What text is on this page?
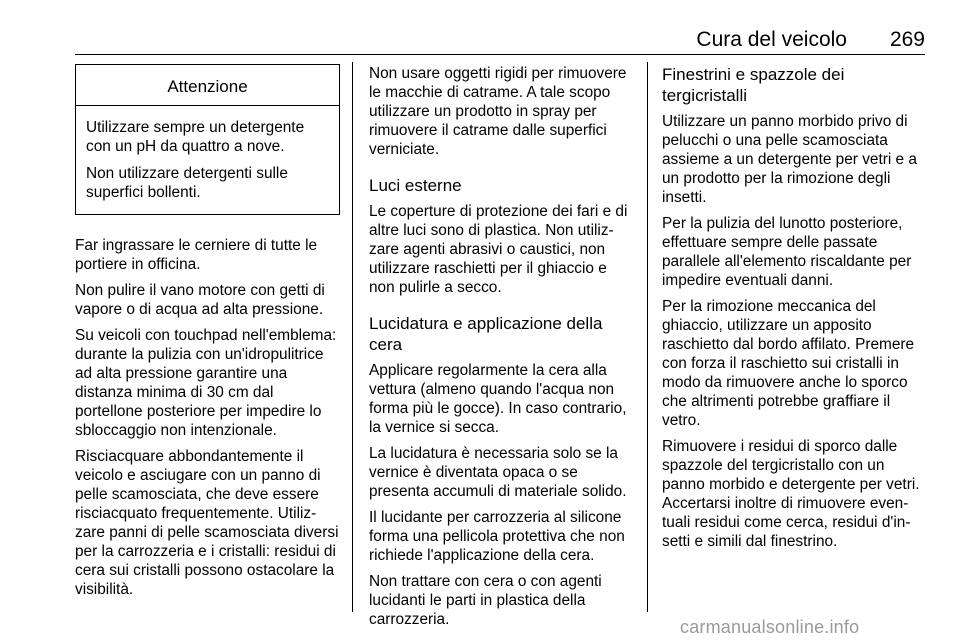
Cura del veicolo 269
Attenzione

Utilizzare sempre un detergente con un pH da quattro a nove.

Non utilizzare detergenti sulle superfici bollenti.

Far ingrassare le cerniere di tutte le portiere in officina.

Non pulire il vano motore con getti di vapore o di acqua ad alta pressione.

Su veicoli con touchpad nell'emblema: durante la pulizia con un'idropulitrice ad alta pressione garantire una distanza minima di 30 cm dal portellone posteriore per impedire lo sbloccaggio non intenzionale.

Risciacquare abbondantemente il veicolo e asciugare con un panno di pelle scamosciata, che deve essere risciacquato frequentemente. Utilizzare panni di pelle scamosciata diversi per la carrozzeria e i cristalli: residui di cera sui cristalli possono ostacolare la visibilità.

Non usare oggetti rigidi per rimuovere le macchie di catrame. A tale scopo utilizzare un prodotto in spray per rimuovere il catrame dalle superfici verniciate.

Luci esterne

Le coperture di protezione dei fari e di altre luci sono di plastica. Non utilizzare agenti abrasivi o caustici, non utilizzare raschietti per il ghiaccio e non pulirle a secco.

Lucidatura e applicazione della cera

Applicare regolarmente la cera alla vettura (almeno quando l'acqua non forma più le gocce). In caso contrario, la vernice si secca.

La lucidatura è necessaria solo se la vernice è diventata opaca o se presenta accumuli di materiale solido.

Il lucidante per carrozzeria al silicone forma una pellicola protettiva che non richiede l'applicazione della cera.

Non trattare con cera o con agenti lucidanti le parti in plastica della carrozzeria.

Finestrini e spazzole dei tergicristalli

Utilizzare un panno morbido privo di pelucchi o una pelle scamosciata assieme a un detergente per vetri e a un prodotto per la rimozione degli insetti.

Per la pulizia del lunotto posteriore, effettuare sempre delle passate parallele all'elemento riscaldante per impedire eventuali danni.

Per la rimozione meccanica del ghiaccio, utilizzare un apposito raschietto dal bordo affilato. Premere con forza il raschietto sui cristalli in modo da rimuovere anche lo sporco che altrimenti potrebbe graffiare il vetro.

Rimuovere i residui di sporco dalle spazzole del tergicristallo con un panno morbido e detergente per vetri. Accertarsi inoltre di rimuovere eventuali residui come cerca, residui d'insetti e simili dal finestrino.

carmanualsonline.info
